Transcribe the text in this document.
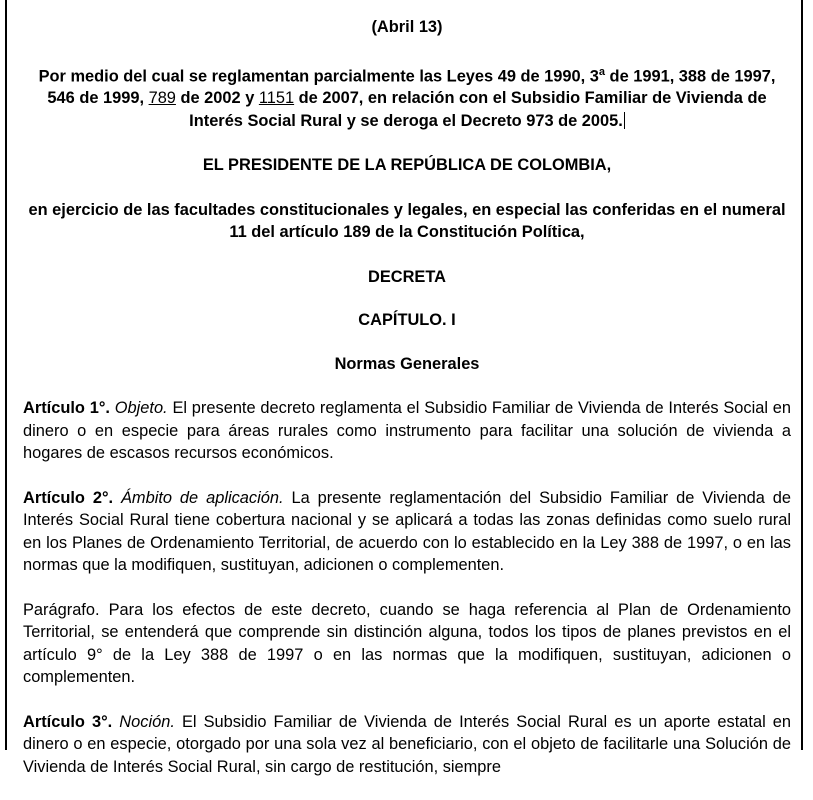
(Abril 13)

Por medio del cual se reglamentan parcialmente las Leyes 49 de 1990, 3$^a$ de 1991, 388 de 1997, 546 de 1999, 789 de 2002 y 1151 de 2007, en relación con el Subsidio Familiar de Vivienda de Interés Social Rural y se deroga el Decreto 973 de 2005.

EL PRESIDENTE DE LA REPÚBLICA DE COLOMBIA,

en ejercicio de las facultades constitucionales y legales, en especial las conferidas en el numeral 11 del artículo 189 de la Constitución Política,

DECRETA

CAPÍTULO. I

Normas Generales

Artículo 1°. Objeto. El presente decreto reglamenta el Subsidio Familiar de Vivienda de Interés Social en dinero o en especie para áreas rurales como instrumento para facilitar una solución de vivienda a hogares de escasos recursos económicos.

Artículo 2°. Ámbito de aplicación. La presente reglamentación del Subsidio Familiar de Vivienda de Interés Social Rural tiene cobertura nacional y se aplicará a todas las zonas definidas como suelo rural en los Planes de Ordenamiento Territorial, de acuerdo con lo establecido en la Ley 388 de 1997, o en las normas que la modifiquen, sustituyan, adicionen o complementen.

Parágrafo. Para los efectos de este decreto, cuando se haga referencia al Plan de Ordenamiento Territorial, se entenderá que comprende sin distinción alguna, todos los tipos de planes previstos en el artículo 9° de la Ley 388 de 1997 o en las normas que la modifiquen, sustituyan, adicionen o complementen.

Artículo 3°. Noción. El Subsidio Familiar de Vivienda de Interés Social Rural es un aporte estatal en dinero o en especie, otorgado por una sola vez al beneficiario, con el objeto de facilitarle una Solución de Vivienda de Interés Social Rural, sin cargo de restitución, siempre
